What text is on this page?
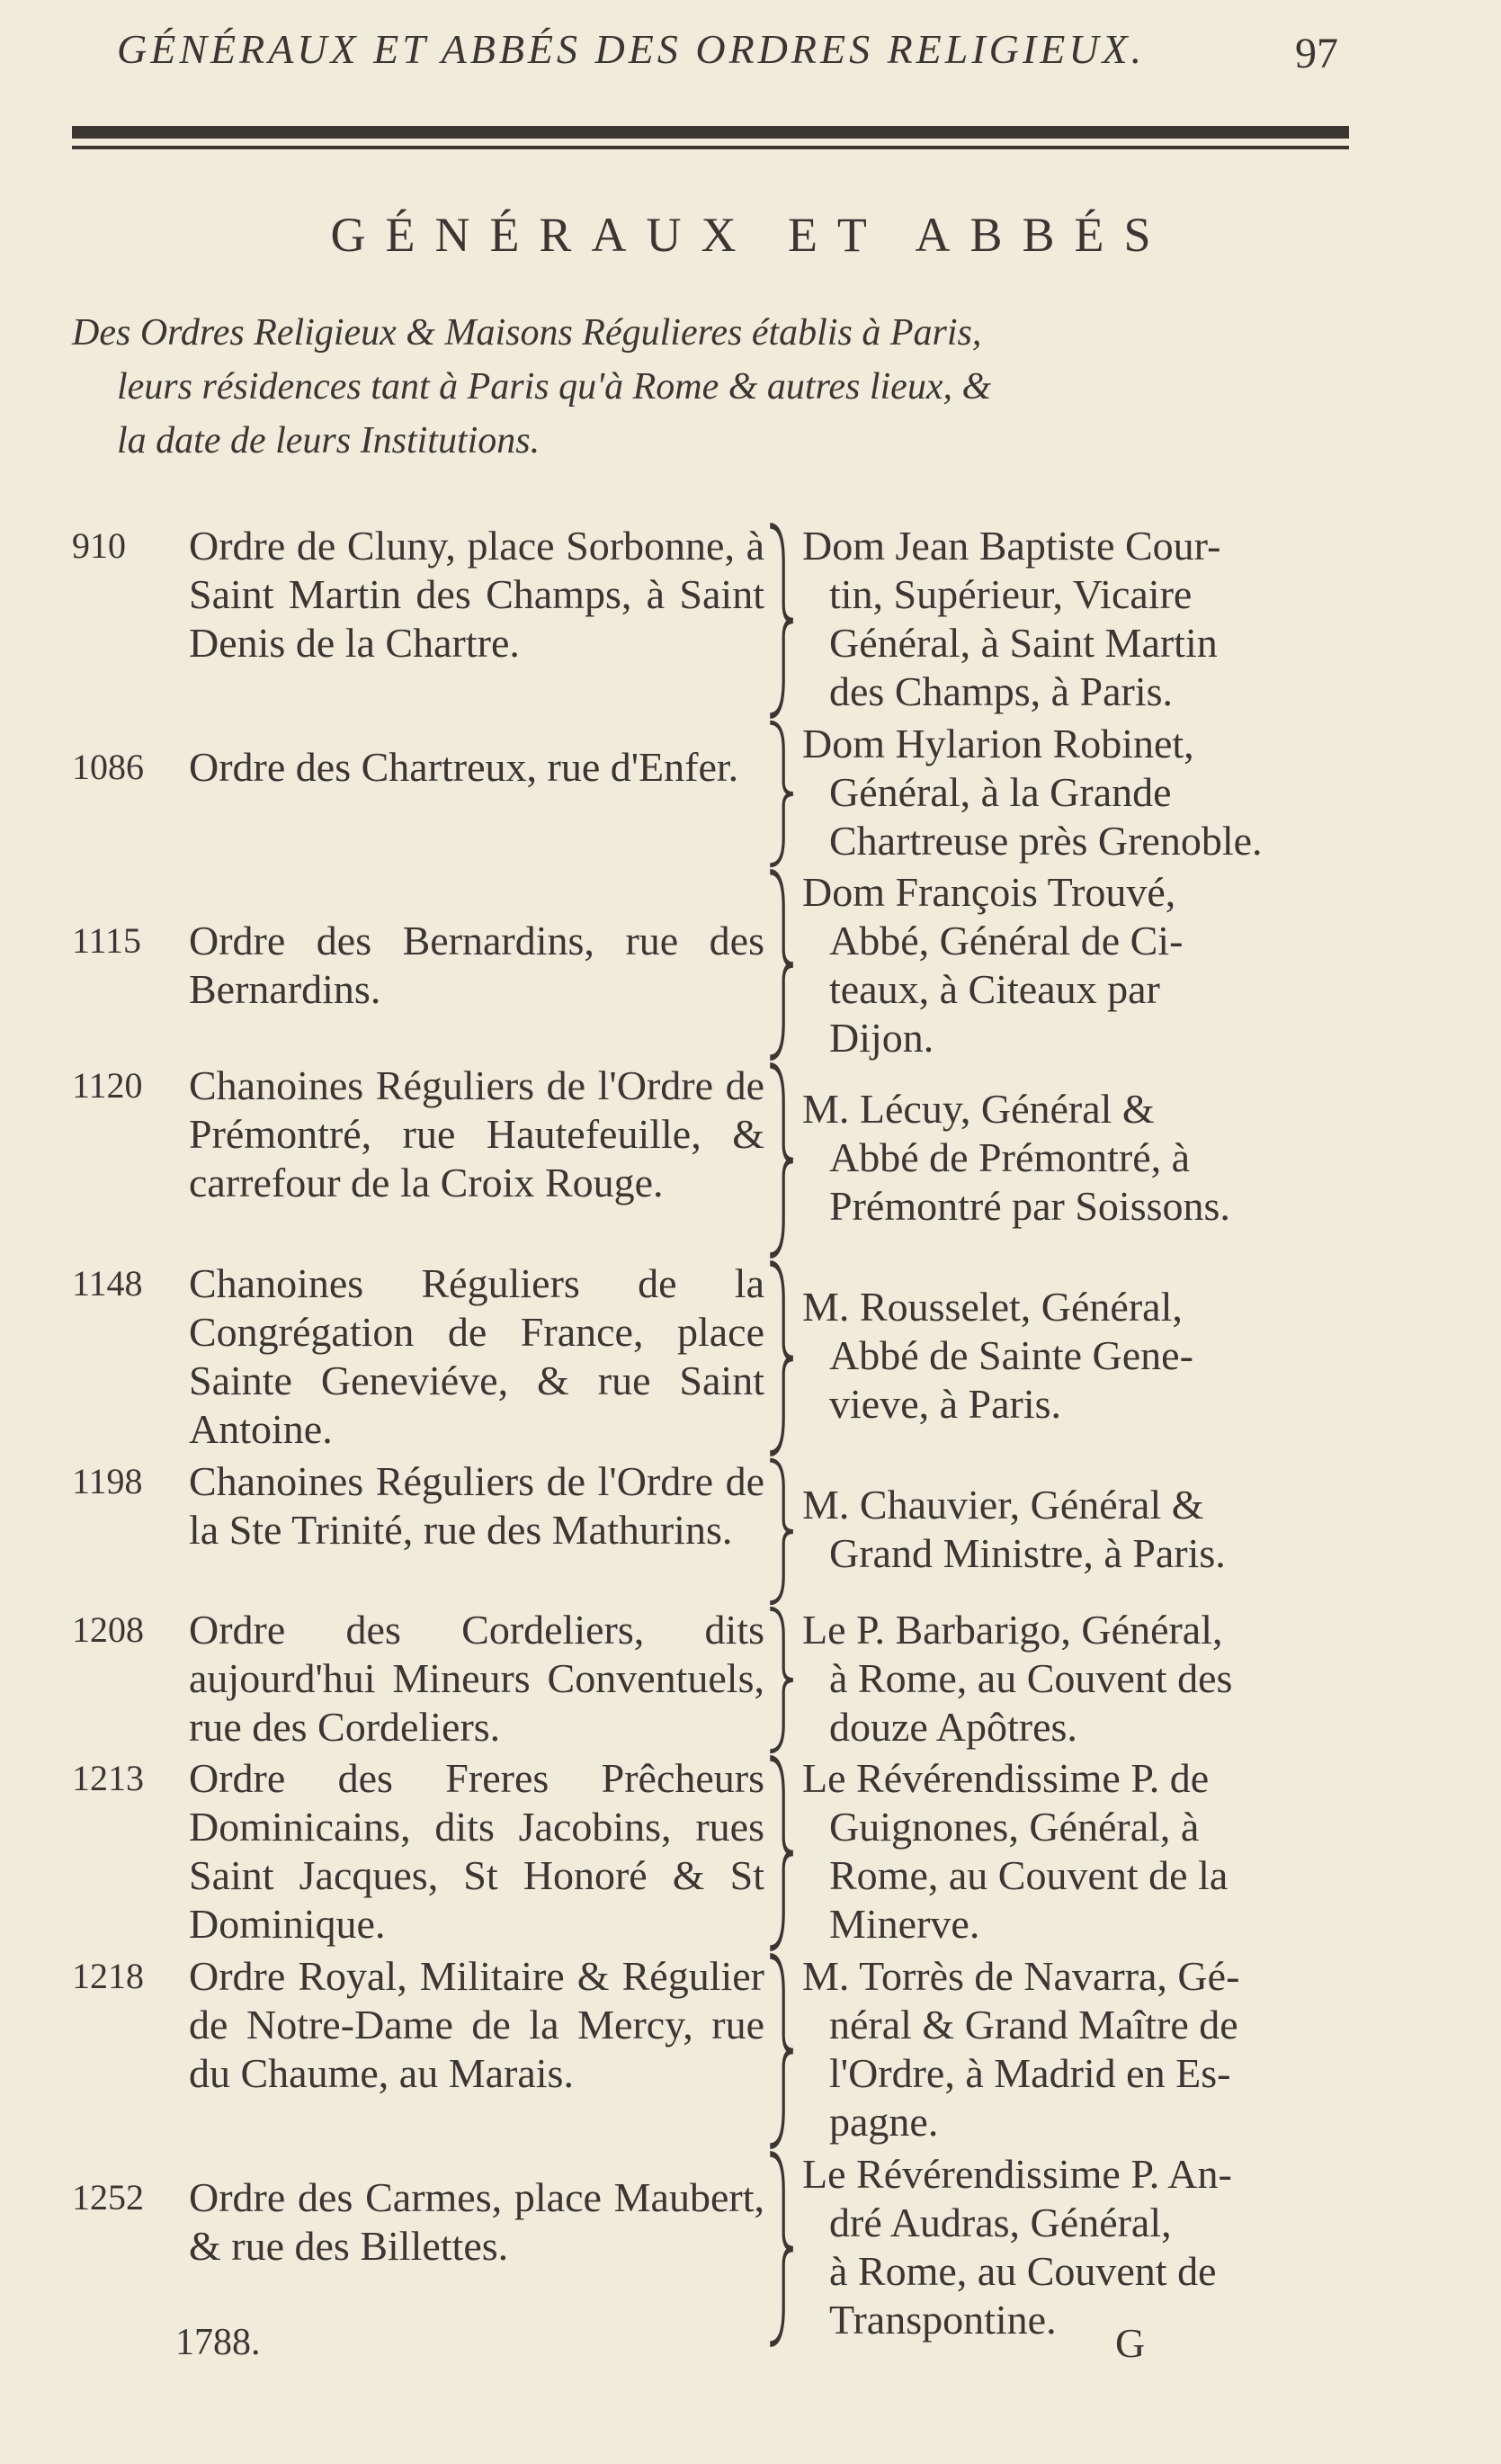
GÉNÉRAUX ET ABBÉS DES ORDRES RELIGIEUX.	97
GÉNÉRAUX ET ABBÉS
Des Ordres Religieux & Maisons Régulieres établis à Paris,
leurs résidences tant à Paris qu'à Rome & autres lieux, &
la date de leurs Institutions.
910	Ordre de Cluny, place Sorbonne, à Saint Martin des Champs, à Saint Denis de la Chartre.
Dom Jean Baptiste Cour-
tin, Supérieur, Vicaire
Général, à Saint Martin
des Champs, à Paris.
1086	Ordre des Chartreux, rue d'Enfer.
Dom Hylarion Robinet,
Général, à la Grande
Chartreuse près Grenoble.
1115	Ordre des Bernardins, rue des Bernardins.
Dom François Trouvé,
Abbé, Général de Ci-
teaux, à Citeaux par
Dijon.
1120	Chanoines Réguliers de l'Ordre de Prémontré, rue Hautefeuille, & carrefour de la Croix Rouge.
M. Lécuy, Général &
Abbé de Prémontré, à
Prémontré par Soissons.
1148	Chanoines Réguliers de la Congrégation de France, place Sainte Geneviéve, & rue Saint Antoine.
M. Rousselet, Général,
Abbé de Sainte Gene-
vieve, à Paris.
1198	Chanoines Réguliers de l'Ordre de la Ste Trinité, rue des Mathurins.
M. Chauvier, Général &
Grand Ministre, à Paris.
1208	Ordre des Cordeliers, dits aujourd'hui Mineurs Conventuels, rue des Cordeliers.
Le P. Barbarigo, Général,
à Rome, au Couvent des
douze Apôtres.
1213	Ordre des Freres Prêcheurs Dominicains, dits Jacobins, rues Saint Jacques, St Honoré & St Dominique.
Le Révérendissime P. de
Guignones, Général, à
Rome, au Couvent de la
Minerve.
1218	Ordre Royal, Militaire & Régulier de Notre-Dame de la Mercy, rue du Chaume, au Marais.
M. Torrès de Navarra, Gé-
néral & Grand Maître de
l'Ordre, à Madrid en Es-
pagne.
1252	Ordre des Carmes, place Maubert, & rue des Billettes.
Le Révérendissime P. An-
dré Audras, Général,
à Rome, au Couvent de
Transpontine.
1788.	G
